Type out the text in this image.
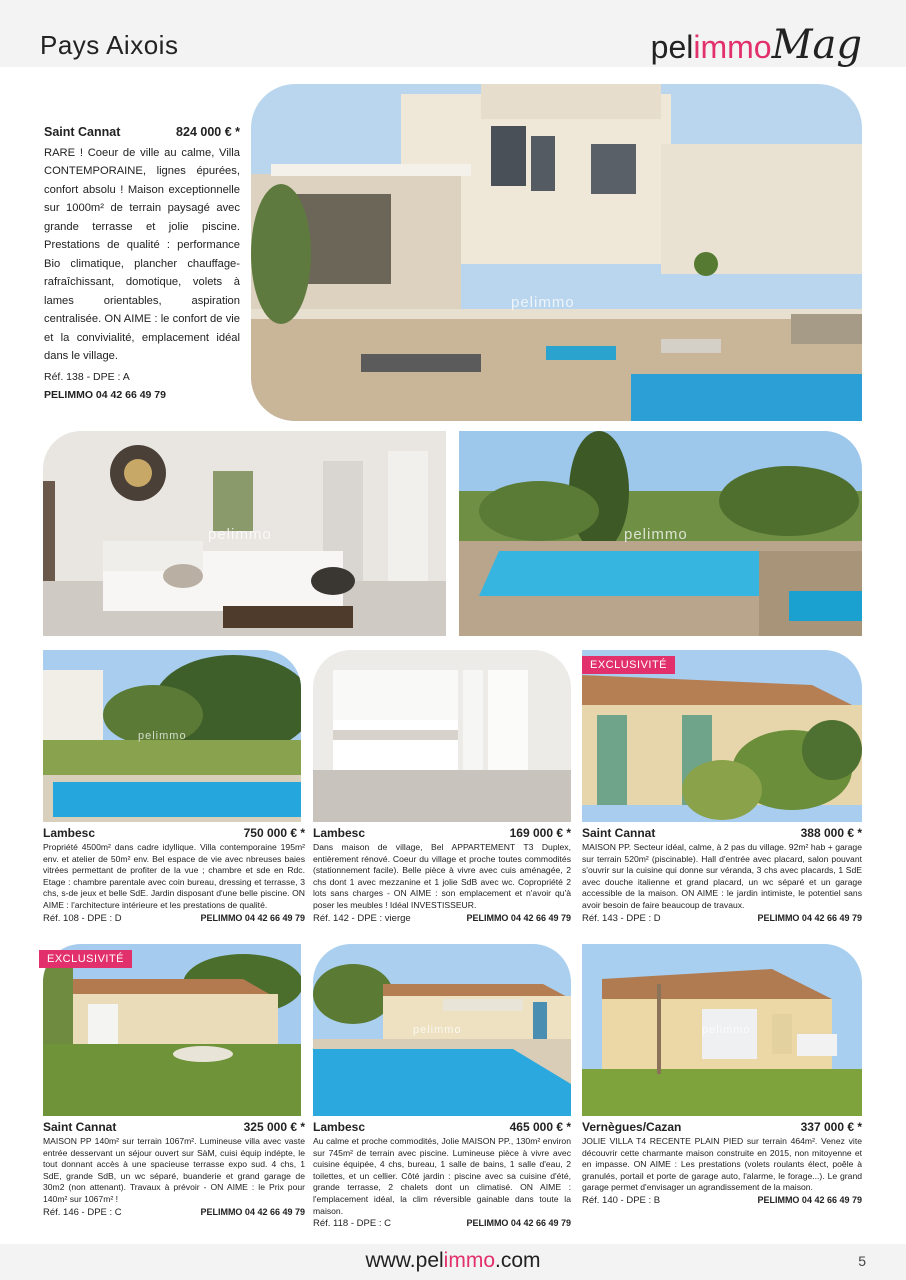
Pays Aixois	pelimmoMag
Saint Cannat	824 000 € *
RARE ! Coeur de ville au calme, Villa CONTEMPORAINE, lignes épurées, confort absolu ! Maison exceptionnelle sur 1000m² de terrain paysagé avec grande terrasse et jolie piscine. Prestations de qualité : performance Bio climatique, plancher chauffage-rafraîchissant, domotique, volets à lames orientables, aspiration centralisée. ON AIME : le confort de vie et la convivialité, emplacement idéal dans le village.
Réf. 138 - DPE : A
PELIMMO 04 42 66 49 79
pelimmo
pelimmo	pelimmo
pelimmo
EXCLUSIVITÉ
Lambesc	750 000 € *
Propriété 4500m² dans cadre idyllique. Villa contemporaine 195m² env. et atelier de 50m² env. Bel espace de vie avec nbreuses baies vitrées permettant de profiter de la vue ; chambre et sde en Rdc. Etage : chambre parentale avec coin bureau, dressing et terrasse, 3 chs, s-de jeux et belle SdE. Jardin disposant d'une belle piscine. ON AIME : l'architecture intérieure et les prestations de qualité.
Réf. 108 - DPE : D	PELIMMO 04 42 66 49 79
Lambesc	169 000 € *
Dans maison de village, Bel APPARTEMENT T3 Duplex, entièrement rénové. Coeur du village et proche toutes commodités (stationnement facile). Belle pièce à vivre avec cuis aménagée, 2 chs dont 1 avec mezzanine et 1 jolie SdB avec wc. Copropriété 2 lots sans charges - ON AIME : son emplacement et n'avoir qu'à poser les meubles ! Idéal INVESTISSEUR.
Réf. 142 - DPE : vierge	PELIMMO 04 42 66 49 79
Saint Cannat	388 000 € *
MAISON PP. Secteur idéal, calme, à 2 pas du village. 92m² hab + garage sur terrain 520m² (piscinable). Hall d'entrée avec placard, salon pouvant s'ouvrir sur la cuisine qui donne sur véranda, 3 chs avec placards, 1 SdE avec douche italienne et grand placard, un wc séparé et un garage accessible de la maison. ON AIME : le jardin intimiste, le potentiel sans avoir besoin de faire beaucoup de travaux.
Réf. 143 - DPE : D	PELIMMO 04 42 66 49 79
EXCLUSIVITÉ
pelimmo	pelimmo
Saint Cannat	325 000 € *
MAISON PP 140m² sur terrain 1067m². Lumineuse villa avec vaste entrée desservant un séjour ouvert sur SàM, cuisi équip indépte, le tout donnant accès à une spacieuse terrasse expo sud. 4 chs, 1 SdE, grande SdB, un wc séparé, buanderie et grand garage de 30m2 (non attenant). Travaux à prévoir - ON AIME : le Prix pour 140m² sur 1067m² !
Réf. 146 - DPE : C	PELIMMO 04 42 66 49 79
Lambesc	465 000 € *
Au calme et proche commodités, Jolie MAISON PP., 130m² environ sur 745m² de terrain avec piscine. Lumineuse pièce à vivre avec cuisine équipée, 4 chs, bureau, 1 salle de bains, 1 salle d'eau, 2 toilettes, et un cellier. Côté jardin : piscine avec sa cuisine d'été, grande terrasse, 2 chalets dont un climatisé. ON AIME : l'emplacement idéal, la clim réversible gainable dans toute la maison.
Réf. 118 - DPE : C	PELIMMO 04 42 66 49 79
Vernègues/Cazan	337 000 € *
JOLIE VILLA T4 RECENTE PLAIN PIED sur terrain 464m². Venez vite découvrir cette charmante maison construite en 2015, non mitoyenne et en impasse. ON AIME : Les prestations (volets roulants élect, poêle à granulés, portail et porte de garage auto, l'alarme, le forage...). Le grand garage permet d'envisager un agrandissement de la maison.
Réf. 140 - DPE : B	PELIMMO 04 42 66 49 79
www.pelimmo.com	5
